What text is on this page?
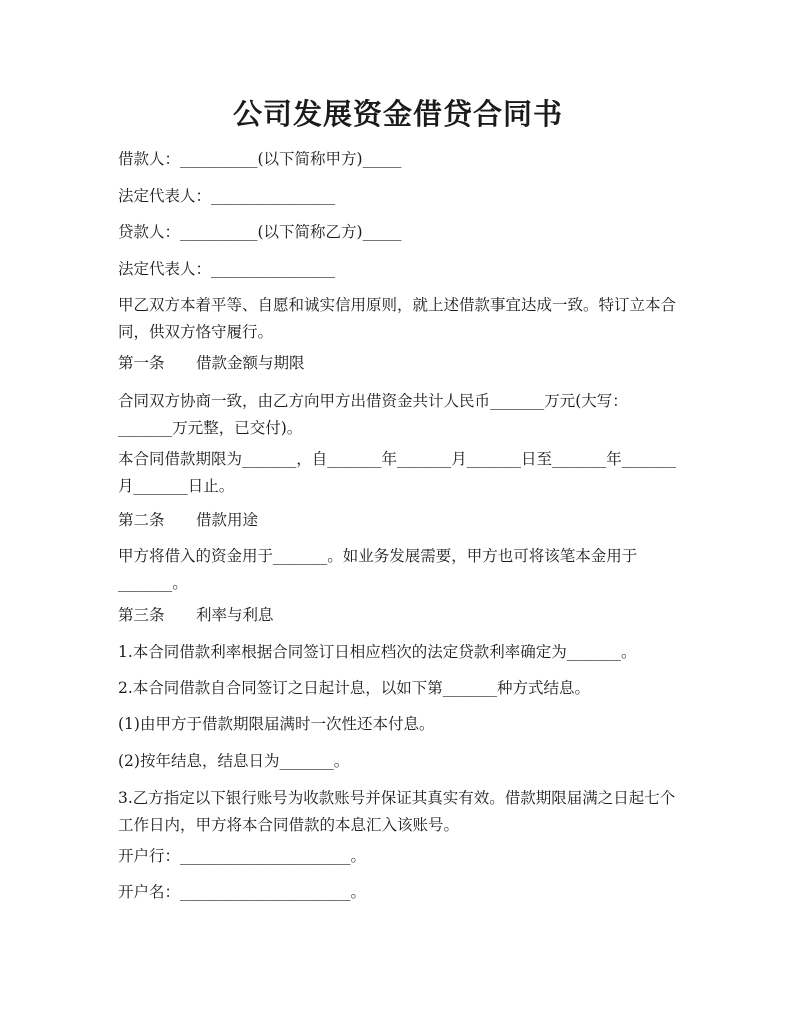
公司发展资金借贷合同书
借款人：__________(以下简称甲方)_____
法定代表人：________________
贷款人：__________(以下简称乙方)_____
法定代表人：________________
甲乙双方本着平等、自愿和诚实信用原则，就上述借款事宜达成一致。特订立本合同，供双方恪守履行。
第一条 借款金额与期限
合同双方协商一致，由乙方向甲方出借资金共计人民币_______万元(大写：_______万元整，已交付)。
本合同借款期限为_______，自_______年_______月_______日至_______年_______月_______日止。
第二条 借款用途
甲方将借入的资金用于_______。如业务发展需要，甲方也可将该笔本金用于_______。
第三条 利率与利息
1.本合同借款利率根据合同签订日相应档次的法定贷款利率确定为_______。
2.本合同借款自合同签订之日起计息，以如下第_______种方式结息。
(1)由甲方于借款期限届满时一次性还本付息。
(2)按年结息，结息日为_______。
3.乙方指定以下银行账号为收款账号并保证其真实有效。借款期限届满之日起七个工作日内，甲方将本合同借款的本息汇入该账号。
开户行：______________________。
开户名：______________________。
